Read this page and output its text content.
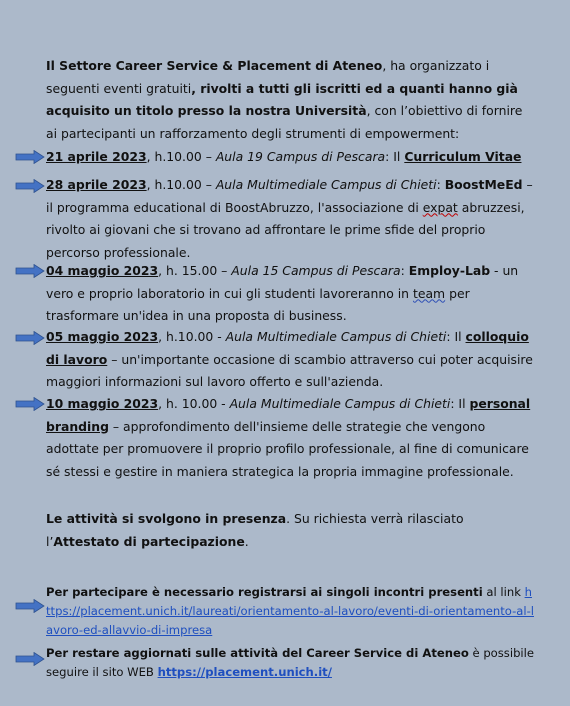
Il Settore Career Service & Placement di Ateneo, ha organizzato i seguenti eventi gratuiti, rivolti a tutti gli iscritti ed a quanti hanno già acquisito un titolo presso la nostra Università, con l’obiettivo di fornire ai partecipanti un rafforzamento degli strumenti di empowerment:
21 aprile 2023, h.10.00 – Aula 19 Campus di Pescara: Il Curriculum Vitae
28 aprile 2023, h.10.00 – Aula Multimediale Campus di Chieti: BoostMeEd – il programma educational di BoostAbruzzo, l'associazione di expat abruzzesi, rivolto ai giovani che si trovano ad affrontare le prime sfide del proprio percorso professionale.
04 maggio 2023, h. 15.00 – Aula 15 Campus di Pescara: Employ-Lab - un vero e proprio laboratorio in cui gli studenti lavoreranno in team per trasformare un'idea in una proposta di business.
05 maggio 2023, h.10.00 - Aula Multimediale Campus di Chieti: Il colloquio di lavoro – un'importante occasione di scambio attraverso cui poter acquisire maggiori informazioni sul lavoro offerto e sull'azienda.
10 maggio 2023, h. 10.00 - Aula Multimediale Campus di Chieti: Il personal branding – approfondimento dell'insieme delle strategie che vengono adottate per promuovere il proprio profilo professionale, al fine di comunicare sé stessi e gestire in maniera strategica la propria immagine professionale.
Le attività si svolgono in presenza. Su richiesta verrà rilasciato l’Attestato di partecipazione.
Per partecipare è necessario registrarsi ai singoli incontri presenti al link https://placement.unich.it/laureati/orientamento-al-lavoro/eventi-di-orientamento-al-lavoro-ed-allavvio-di-impresa
Per restare aggiornati sulle attività del Career Service di Ateneo è possibile seguire il sito WEB https://placement.unich.it/
